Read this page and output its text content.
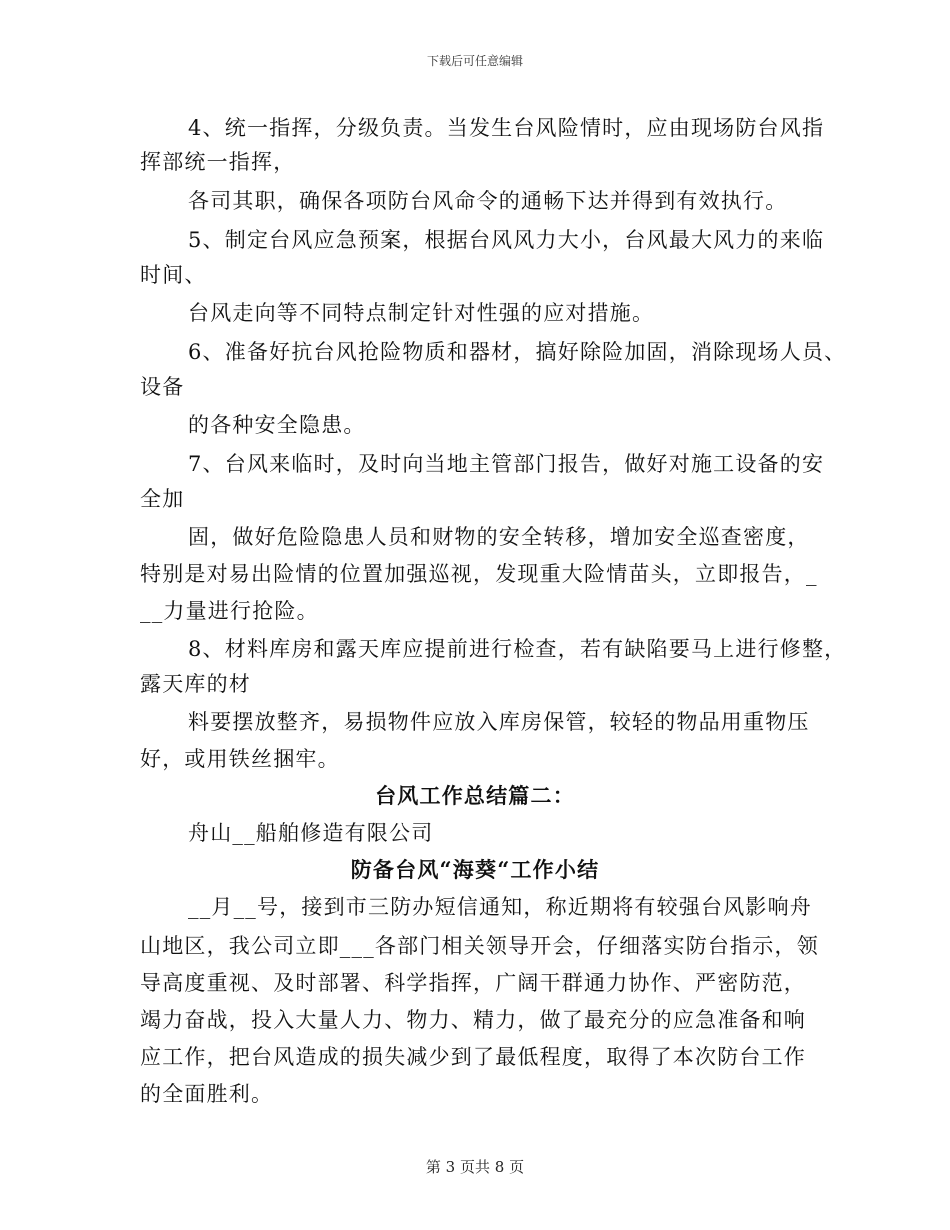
下载后可任意编辑
4、统一指挥，分级负责。当发生台风险情时，应由现场防台风指
挥部统一指挥，
各司其职，确保各项防台风命令的通畅下达并得到有效执行。
5、制定台风应急预案，根据台风风力大小，台风最大风力的来临
时间、
台风走向等不同特点制定针对性强的应对措施。
6、准备好抗台风抢险物质和器材，搞好除险加固，消除现场人员、
设备
的各种安全隐患。
7、台风来临时，及时向当地主管部门报告，做好对施工设备的安
全加
固，做好危险隐患人员和财物的安全转移，增加安全巡查密度，
特别是对易出险情的位置加强巡视，发现重大险情苗头，立即报告，_
__力量进行抢险。
8、材料库房和露天库应提前进行检查，若有缺陷要马上进行修整，
露天库的材
料要摆放整齐，易损物件应放入库房保管，较轻的物品用重物压
好，或用铁丝捆牢。
台风工作总结篇二：
舟山__船舶修造有限公司
防备台风“海葵“工作小结
__月__号，接到市三防办短信通知，称近期将有较强台风影响舟
山地区，我公司立即___各部门相关领导开会，仔细落实防台指示，领
导高度重视、及时部署、科学指挥，广阔干群通力协作、严密防范，
竭力奋战，投入大量人力、物力、精力，做了最充分的应急准备和响
应工作，把台风造成的损失减少到了最低程度，取得了本次防台工作
的全面胜利。
第 3 页共 8 页
